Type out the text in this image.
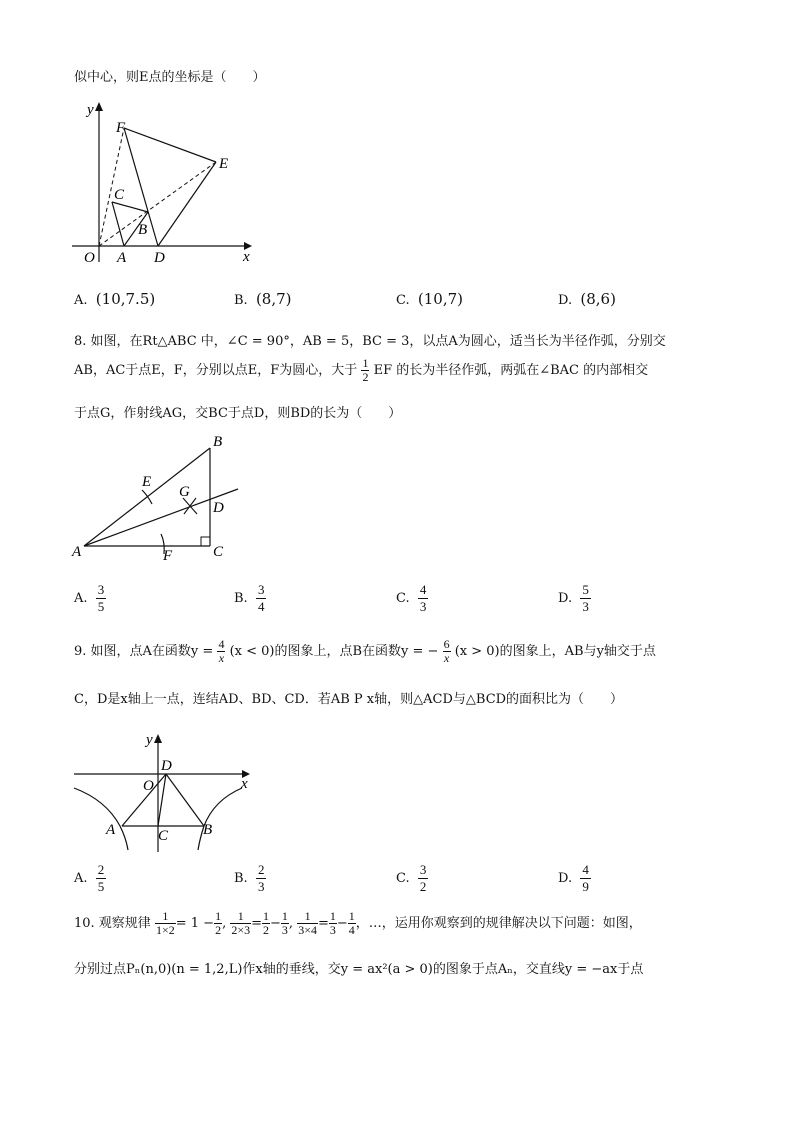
似中心，则E点的坐标是（　　）
y
x
O A D
C
B
E
F
A. (10,7.5)	B. (8,7)	C. (10,7)	D. (8,6)
8. 如图，在Rt△ABC 中，∠C = 90°，AB = 5，BC = 3，以点A为圆心，适当长为半径作弧，分别交
AB，AC于点E，F，分别以点E，F为圆心，大于 $\frac{1}{2}$ EF 的长为半径作弧，两弧在∠BAC 的内部相交
于点G，作射线AG，交BC于点D，则BD的长为（　　）
B
A	C
D
E
F
G
A. $\frac{3}{5}$	B. $\frac{3}{4}$	C. $\frac{4}{3}$	D. $\frac{5}{3}$
9. 如图，点A在函数$y = \frac{4}{x} (x < 0)$的图象上，点B在函数y = − $\frac{6}{x} (x > 0)$的图象上，AB与y轴交于点
C，D是x轴上一点，连结AD、BD、CD．若AB P x轴，则△ACD与△BCD的面积比为（　　）
y
x
O
D
A	C B
A. $\frac{2}{5}$	B. $\frac{2}{3}$	C. $\frac{3}{2}$	D. $\frac{4}{9}$
10. 观察规律 $\frac{1}{1\times 2} = 1 - \frac{1}{2}$ , $\frac{1}{2\times 3} = \frac{1}{2} - \frac{1}{3}$ , $\frac{1}{3\times 4} = \frac{1}{3} - \frac{1}{4}$ ，…，运用你观察到的规律解决以下问题：如图，
分别过点Pₙ(n,0)(n = 1,2,L)作x轴的垂线，交y = ax²(a > 0)的图象于点Aₙ，交直线y = −ax于点
